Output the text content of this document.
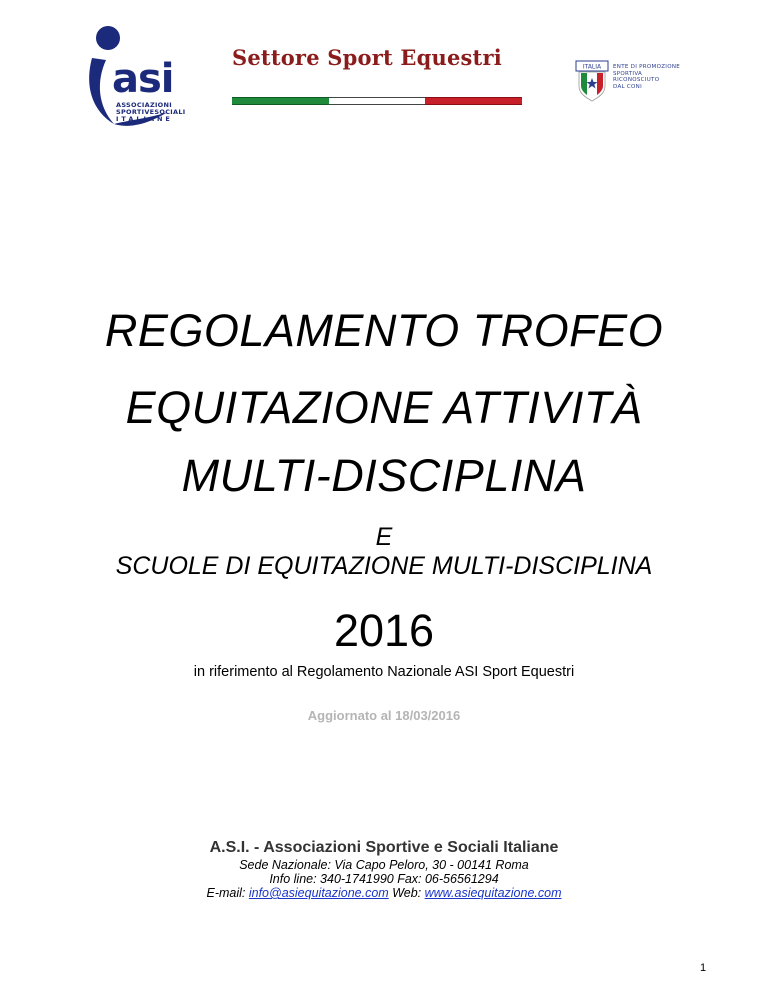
asi
ASSOCIAZIONI
SPORTIVESOCIALI
ITALIANE
Settore Sport Equestri	ITALIA ENTE DI PROMOZIONE
SPORTIVA
RICONOSCIUTO
DAL CONI
REGOLAMENTO TROFEO
EQUITAZIONE ATTIVITÀ
MULTI-DISCIPLINA
E
SCUOLE DI EQUITAZIONE MULTI-DISCIPLINA
2016
in riferimento al Regolamento Nazionale ASI Sport Equestri
Aggiornato al 18/03/2016
A.S.I. - Associazioni Sportive e Sociali Italiane
Sede Nazionale: Via Capo Peloro, 30 - 00141 Roma
Info line: 340-1741990 Fax: 06-56561294
E-mail: info@asiequitazione.com Web: www.asiequitazione.com
1
